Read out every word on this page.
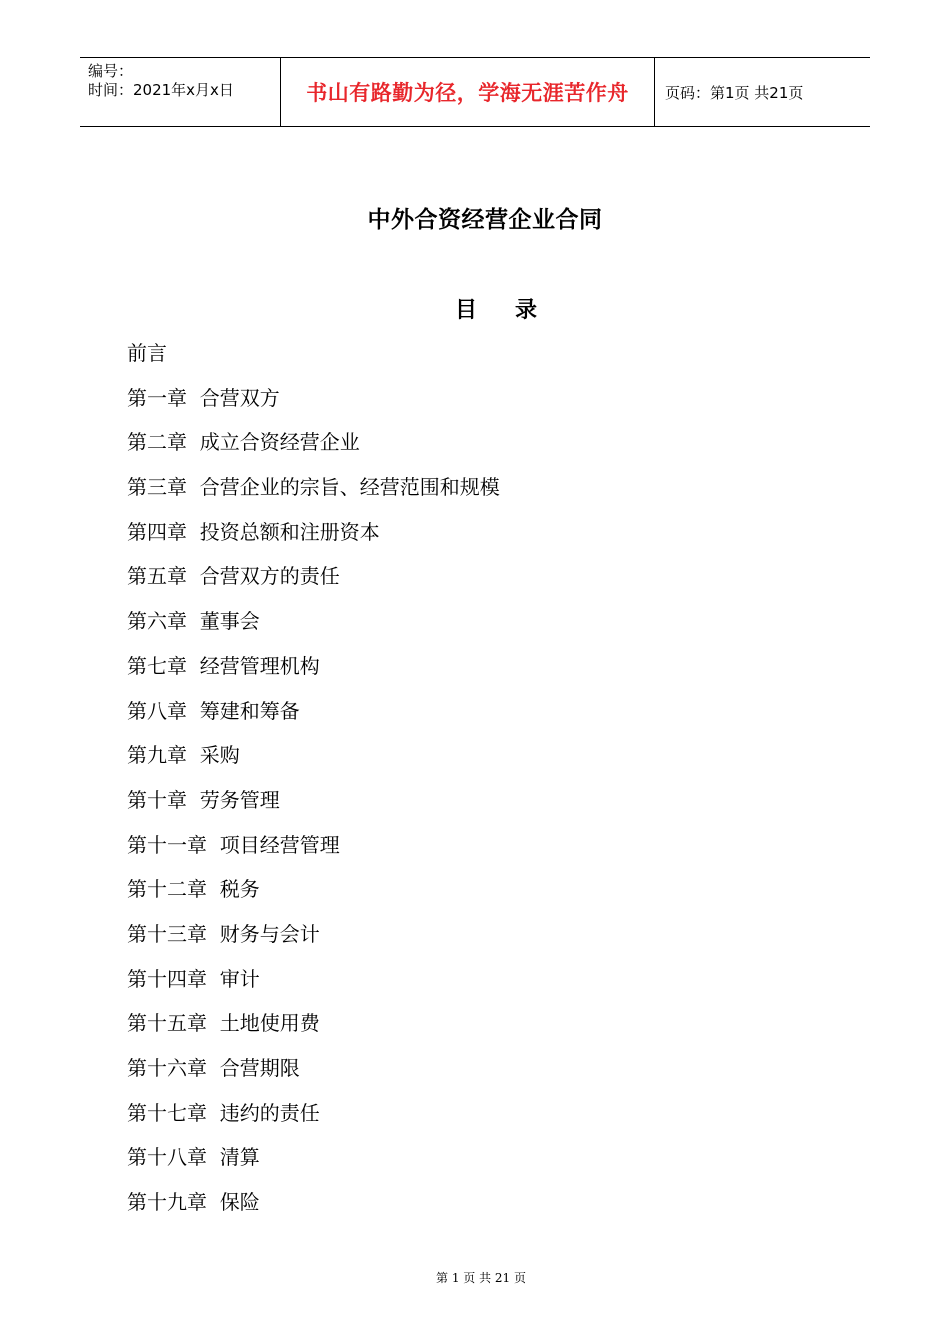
编号：
时间：2021年x月x日	书山有路勤为径，学海无涯苦作舟 页码：第1页 共21页
中外合资经营企业合同
目 录
前言
第一章  合营双方
第二章  成立合资经营企业
第三章  合营企业的宗旨、经营范围和规模
第四章  投资总额和注册资本
第五章  合营双方的责任
第六章  董事会
第七章  经营管理机构
第八章  筹建和筹备
第九章  采购
第十章  劳务管理
第十一章  项目经营管理
第十二章  税务
第十三章  财务与会计
第十四章  审计
第十五章  土地使用费
第十六章  合营期限
第十七章  违约的责任
第十八章  清算
第十九章  保险
第 1 页 共 21 页
